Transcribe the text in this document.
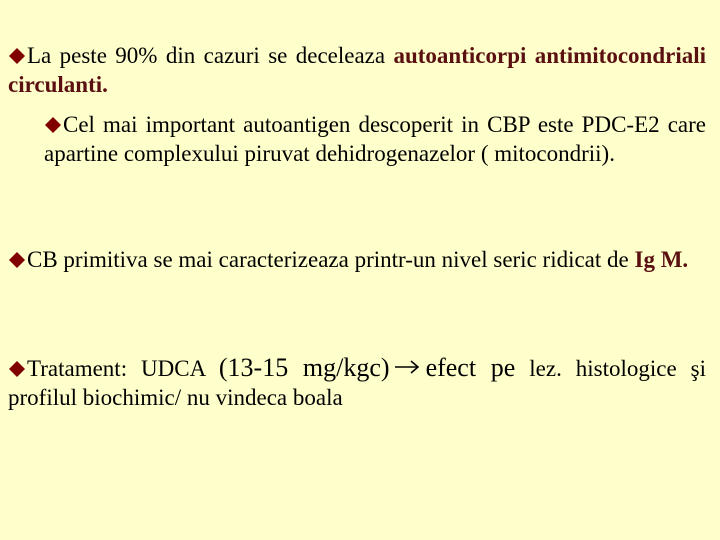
La peste 90% din cazuri se deceleaza autoanticorpi antimitocondriali circulanti.

Cel mai important autoantigen descoperit in CBP este PDC-E2 care apartine complexului piruvat dehidrogenazelor ( mitocondrii).

CB primitiva se mai caracterizeaza printr-un nivel seric ridicat de Ig M.

Tratament: UDCA (13-15 mg/kgc) efect pe lez. histologice şi profilul biochimic/ nu vindeca boala
